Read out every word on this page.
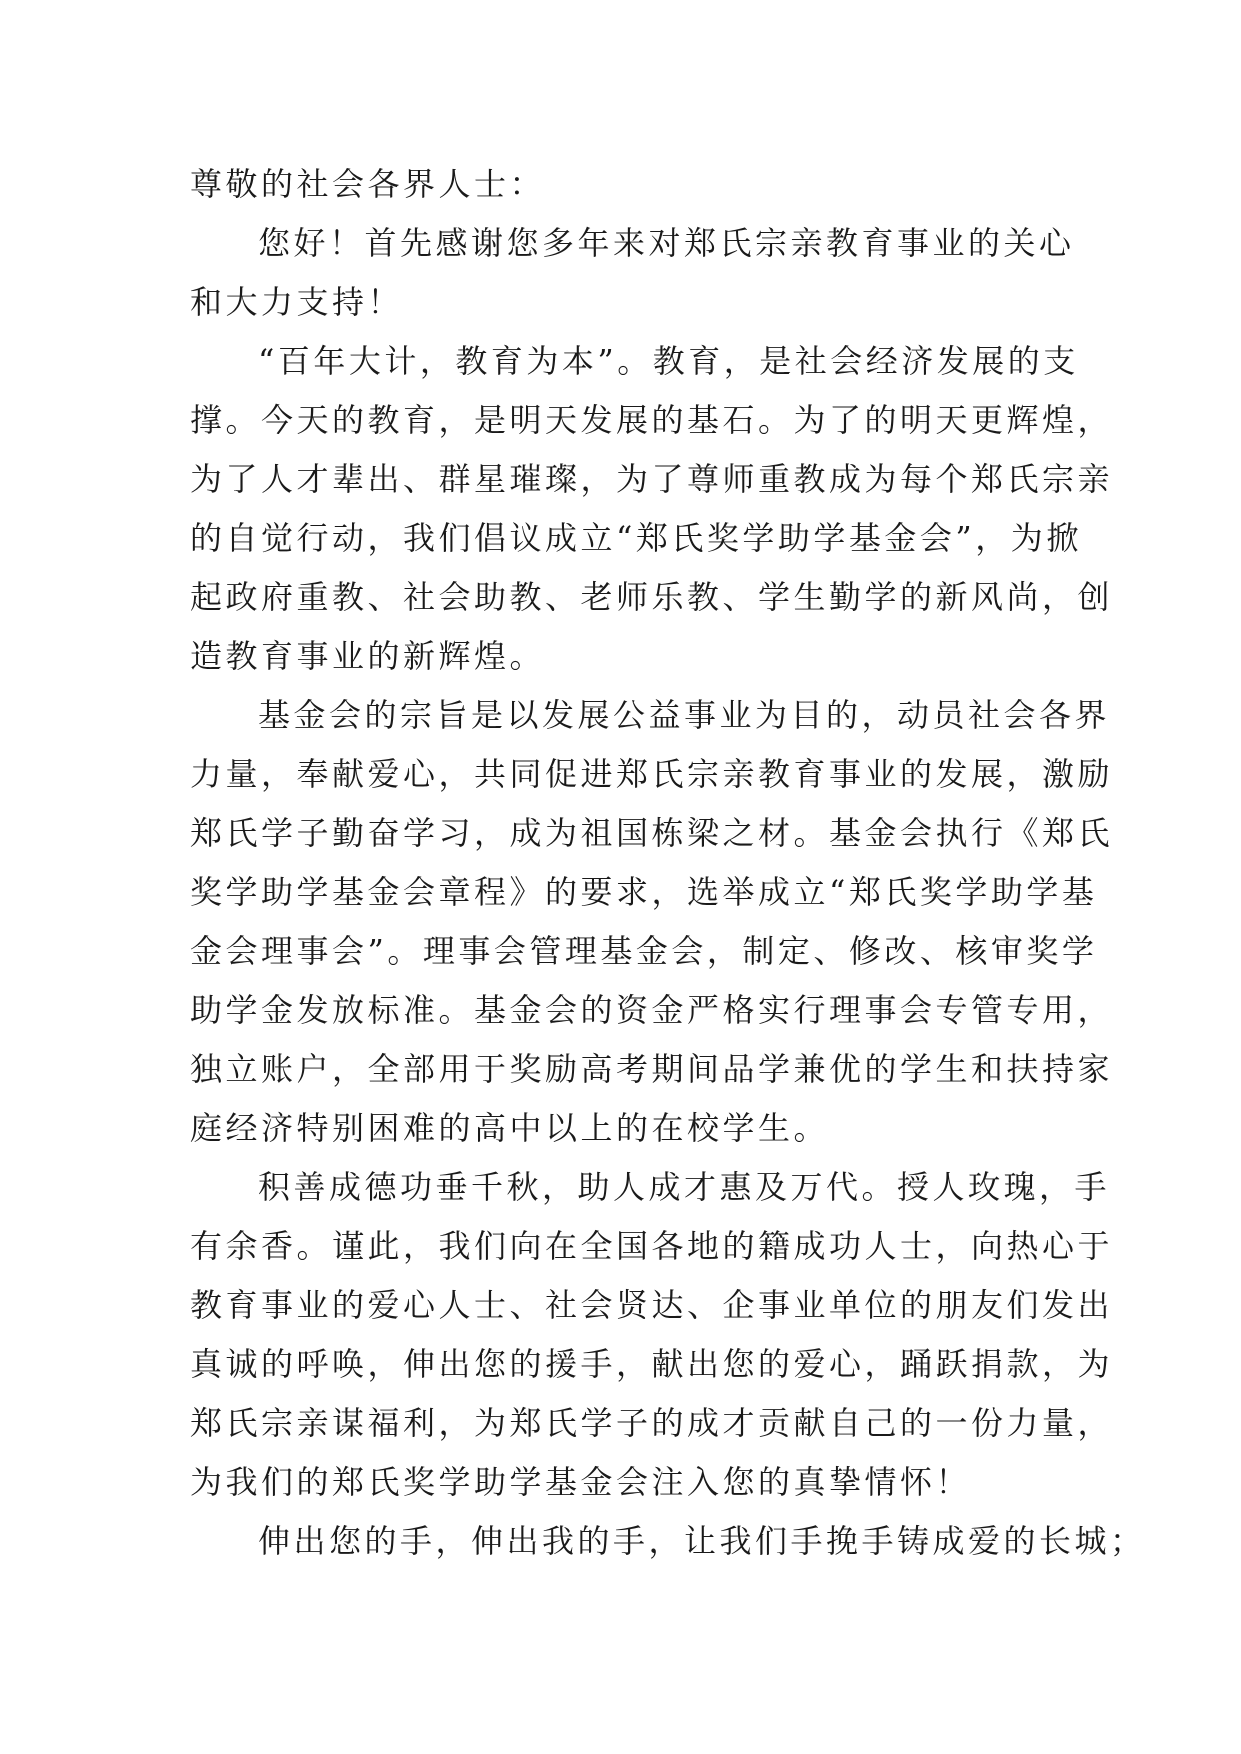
尊敬的社会各界人士：
您好！首先感谢您多年来对郑氏宗亲教育事业的关心
和大力支持！
“百年大计，教育为本”。教育，是社会经济发展的支
撑。今天的教育，是明天发展的基石。为了的明天更辉煌，
为了人才辈出、群星璀璨，为了尊师重教成为每个郑氏宗亲
的自觉行动，我们倡议成立“郑氏奖学助学基金会”，为掀
起政府重教、社会助教、老师乐教、学生勤学的新风尚，创
造教育事业的新辉煌。
基金会的宗旨是以发展公益事业为目的，动员社会各界
力量，奉献爱心，共同促进郑氏宗亲教育事业的发展，激励
郑氏学子勤奋学习，成为祖国栋梁之材。基金会执行《郑氏
奖学助学基金会章程》的要求，选举成立“郑氏奖学助学基
金会理事会”。理事会管理基金会，制定、修改、核审奖学
助学金发放标准。基金会的资金严格实行理事会专管专用，
独立账户，全部用于奖励高考期间品学兼优的学生和扶持家
庭经济特别困难的高中以上的在校学生。
积善成德功垂千秋，助人成才惠及万代。授人玫瑰，手
有余香。谨此，我们向在全国各地的籍成功人士，向热心于
教育事业的爱心人士、社会贤达、企事业单位的朋友们发出
真诚的呼唤，伸出您的援手，献出您的爱心，踊跃捐款，为
郑氏宗亲谋福利，为郑氏学子的成才贡献自己的一份力量，
为我们的郑氏奖学助学基金会注入您的真挚情怀！
伸出您的手，伸出我的手，让我们手挽手铸成爱的长城；
